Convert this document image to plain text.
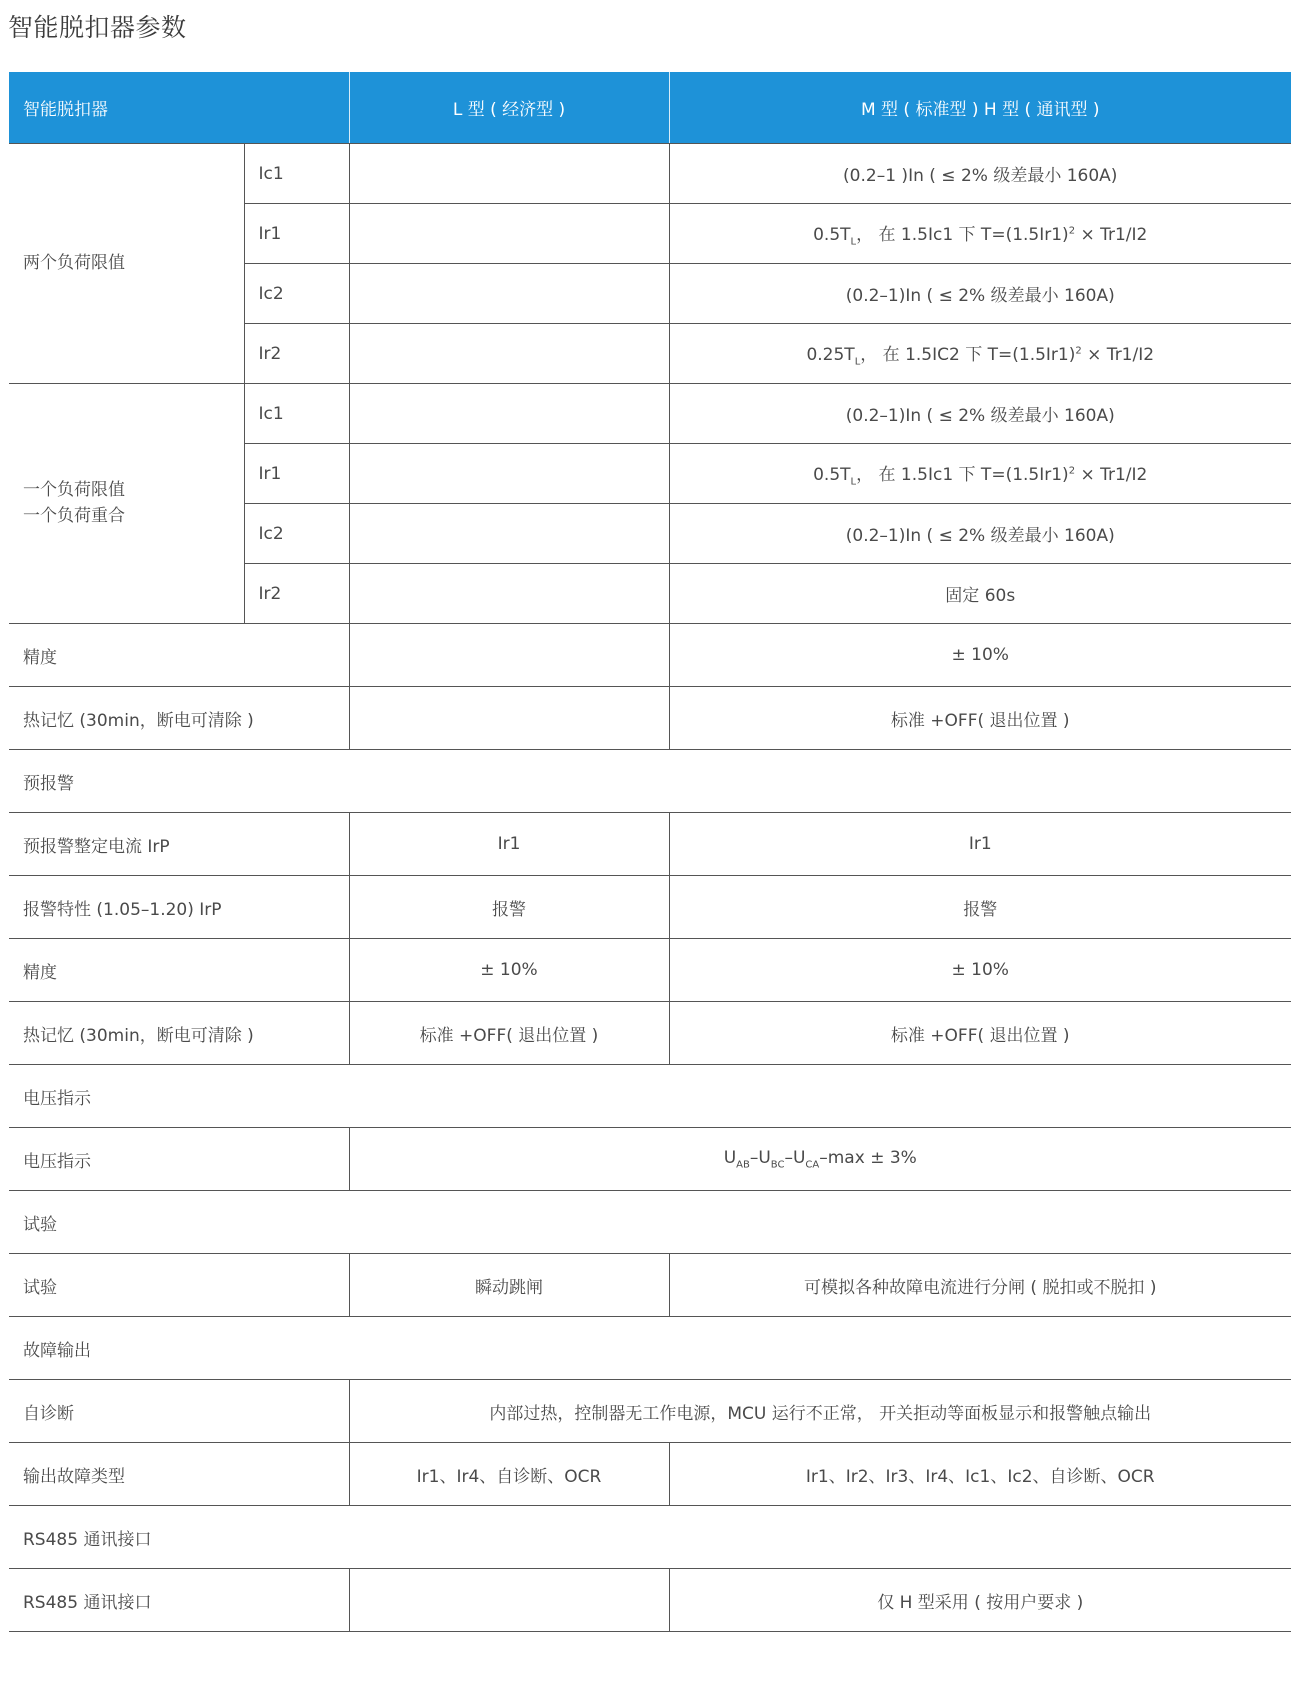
智能脱扣器参数
智能脱扣器		L 型 ( 经济型 )	M 型 ( 标准型 ) H 型 ( 通讯型 )
两个负荷限值	Ic1		(0.2–1 )In ( ≤ 2% 级差最小 160A)
	Ir1		$0.5T_L$， 在 1.5Ic1 下 $T=(1.5Ir1)^2 \times Tr1/I2$
	Ic2		(0.2–1)In ( ≤ 2% 级差最小 160A)
	Ir2		$0.25T_L$， 在 1.5IC2 下 $T=(1.5Ir1)^2 \times Tr1/I2$

一个负荷限值
一个负荷重合	Ic1		(0.2–1)In ( ≤ 2% 级差最小 160A)
	Ir1		$0.5T_L$， 在 1.5Ic1 下 $T=(1.5Ir1)^2 \times Tr1/I2$
	Ic2		(0.2–1)In ( ≤ 2% 级差最小 160A)
	Ir2		固定 60s
精度			± 10%
热记忆 (30min，断电可清除 )			标准 +OFF( 退出位置 )
预报警			
预报警整定电流 IrP		Ir1	Ir1
报警特性 (1.05–1.20) IrP		报警	报警
精度		± 10%	± 10%
热记忆 (30min，断电可清除 )		标准 +OFF( 退出位置 )	标准 +OFF( 退出位置 )
电压指示			
电压指示		$U_{AB}-U_{BC}-U_{CA}-\max \pm 3\%$	
试验			
试验		瞬动跳闸	可模拟各种故障电流进行分闸 ( 脱扣或不脱扣 )
故障输出			
自诊断		内部过热，控制器无工作电源，MCU 运行不正常， 开关拒动等面板显示和报警触点输出	
输出故障类型		Ir1、Ir4、自诊断、OCR	Ir1、Ir2、Ir3、Ir4、Ic1、Ic2、自诊断、OCR
RS485 通讯接口			
RS485 通讯接口			仅 H 型采用 ( 按用户要求 )
